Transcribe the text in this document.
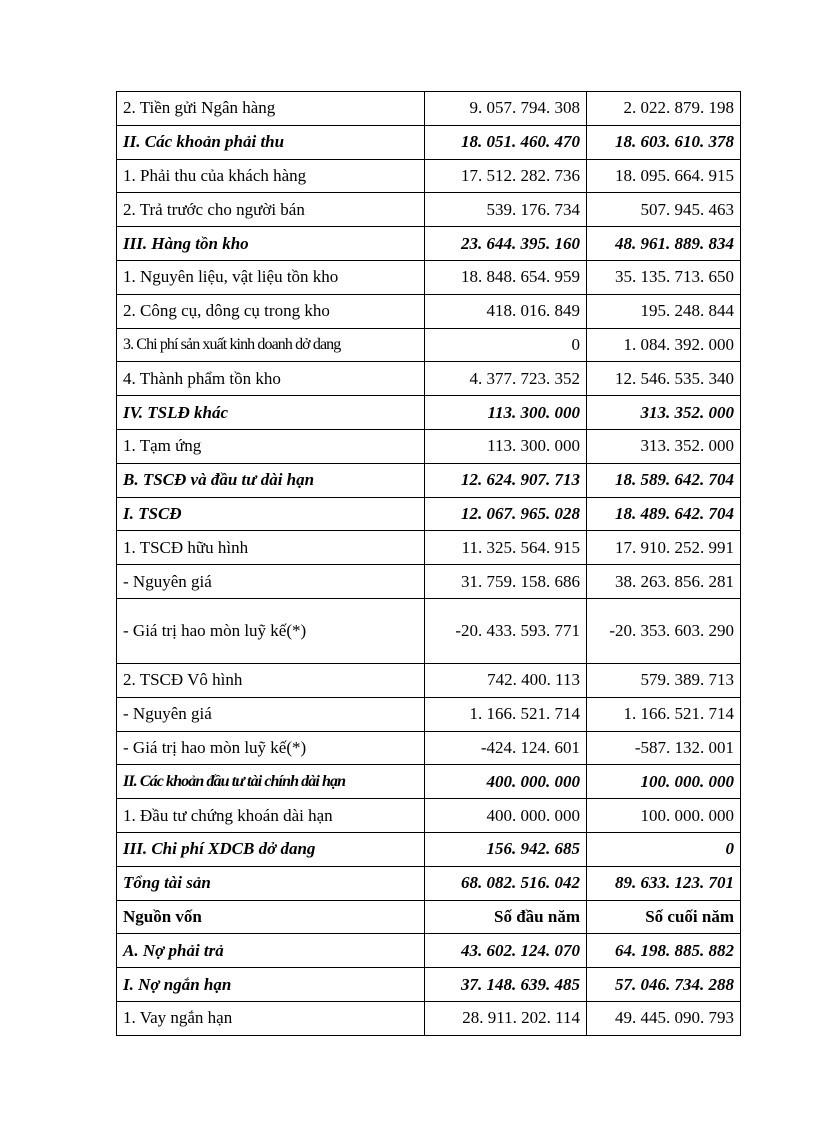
2. Tiền gửi Ngân hàng	9. 057. 794. 308	2. 022. 879. 198
II. Các khoản phải thu	18. 051. 460. 470	18. 603. 610. 378
1. Phải thu của khách hàng	17. 512. 282. 736	18. 095. 664. 915
2. Trả trước cho người bán	539. 176. 734	507. 945. 463
III. Hàng tồn kho	23. 644. 395. 160	48. 961. 889. 834
1. Nguyên liệu, vật liệu tồn kho	18. 848. 654. 959	35. 135. 713. 650
2. Công cụ, dông cụ trong kho	418. 016. 849	195. 248. 844
3. Chi phí sản xuất kinh doanh dở dang	0	1. 084. 392. 000
4. Thành phẩm tồn kho	4. 377. 723. 352	12. 546. 535. 340
IV. TSLĐ khác	113. 300. 000	313. 352. 000
1. Tạm ứng	113. 300. 000	313. 352. 000
B. TSCĐ và đầu tư dài hạn	12. 624. 907. 713	18. 589. 642. 704
I. TSCĐ	12. 067. 965. 028	18. 489. 642. 704
1. TSCĐ hữu hình	11. 325. 564. 915	17. 910. 252. 991
- Nguyên giá	31. 759. 158. 686	38. 263. 856. 281
- Giá trị hao mòn luỹ kế(*)	-20. 433. 593. 771	-20. 353. 603. 290
2. TSCĐ Vô hình	742. 400. 113	579. 389. 713
- Nguyên giá	1. 166. 521. 714	1. 166. 521. 714
- Giá trị hao mòn luỹ kế(*)	-424. 124. 601	-587. 132. 001
II. Các khoản đầu tư tài chính dài hạn	400. 000. 000	100. 000. 000
1. Đầu tư chứng khoán dài hạn	400. 000. 000	100. 000. 000
III. Chi phí XDCB dở dang	156. 942. 685	0
Tổng tài sản	68. 082. 516. 042	89. 633. 123. 701
Nguồn vốn	Số đầu năm	Số cuối năm
A. Nợ phải trả	43. 602. 124. 070	64. 198. 885. 882
I. Nợ ngắn hạn	37. 148. 639. 485	57. 046. 734. 288
1. Vay ngắn hạn	28. 911. 202. 114	49. 445. 090. 793
